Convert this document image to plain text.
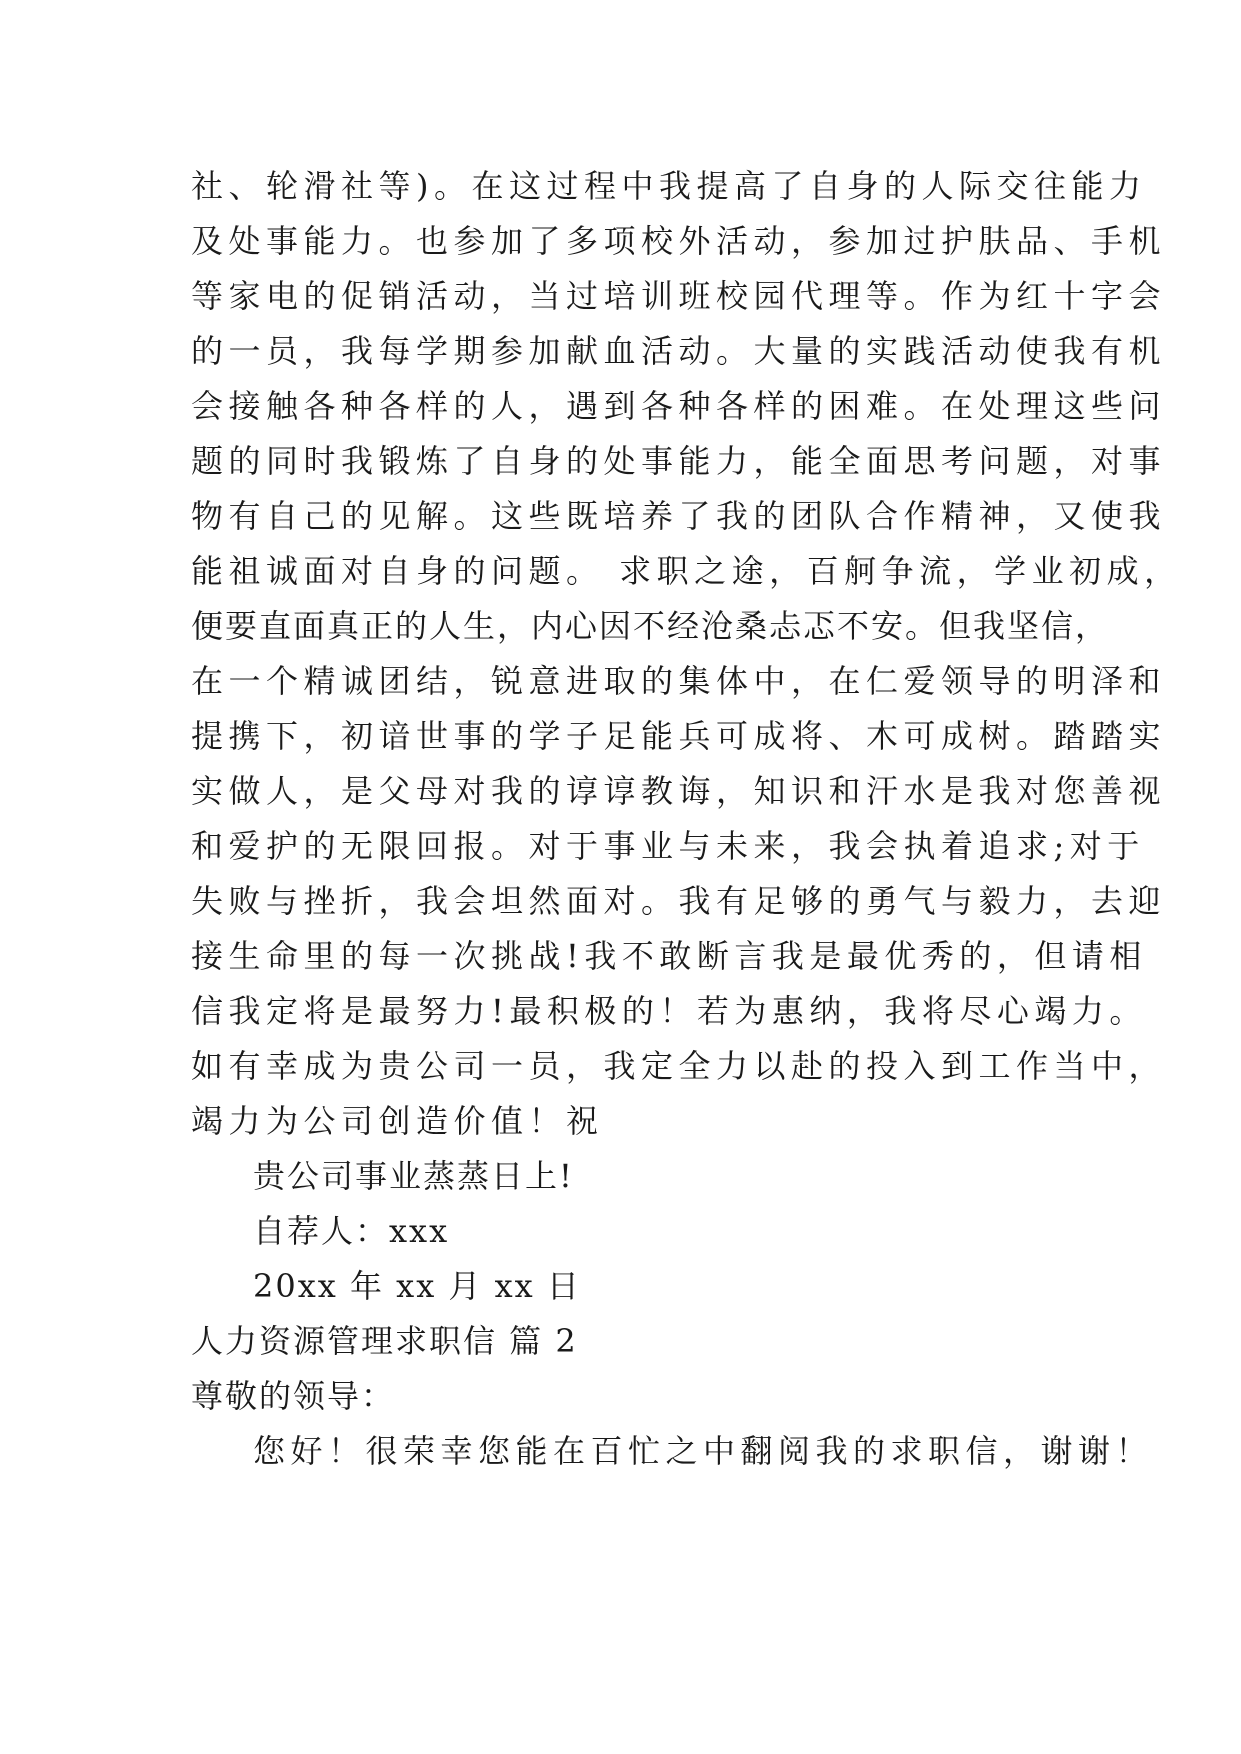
社、轮滑社等)。在这过程中我提高了自身的人际交往能力
及处事能力。也参加了多项校外活动，参加过护肤品、手机
等家电的促销活动，当过培训班校园代理等。作为红十字会
的一员，我每学期参加献血活动。大量的实践活动使我有机
会接触各种各样的人，遇到各种各样的困难。在处理这些问
题的同时我锻炼了自身的处事能力，能全面思考问题，对事
物有自己的见解。这些既培养了我的团队合作精神，又使我
能祖诚面对自身的问题。 求职之途，百舸争流，学业初成，
便要直面真正的人生，内心因不经沧桑忐忑不安。但我坚信，
在一个精诚团结，锐意进取的集体中，在仁爱领导的明泽和
提携下，初谙世事的学子足能兵可成将、木可成树。踏踏实
实做人，是父母对我的谆谆教诲，知识和汗水是我对您善视
和爱护的无限回报。对于事业与未来，我会执着追求;对于
失败与挫折，我会坦然面对。我有足够的勇气与毅力，去迎
接生命里的每一次挑战!我不敢断言我是最优秀的，但请相
信我定将是最努力!最积极的！若为惠纳，我将尽心竭力。
如有幸成为贵公司一员，我定全力以赴的投入到工作当中，
竭力为公司创造价值！祝
贵公司事业蒸蒸日上!
自荐人：xxx
20xx 年 xx 月 xx 日
人力资源管理求职信 篇 2
尊敬的领导：
您好！很荣幸您能在百忙之中翻阅我的求职信，谢谢！
